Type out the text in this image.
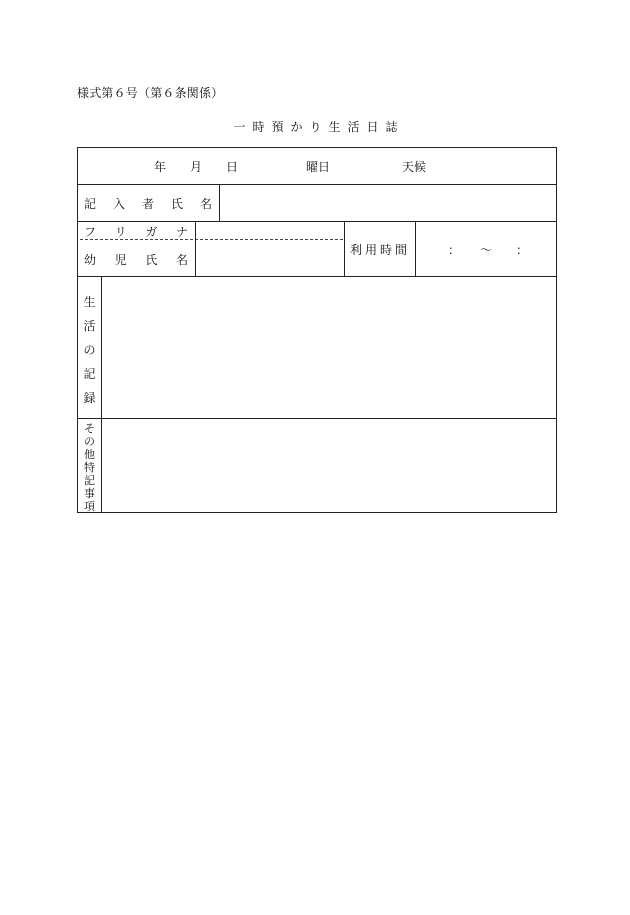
様式第６号（第６条関係）
一時預かり生活日誌
年 月 日	曜日	天候
記 入 者 氏 名
フ リ ガ ナ
幼 児 氏 名
利用時間	： ～ ：
生
活
の
記
録
そ
の
他
特
記
事
項
